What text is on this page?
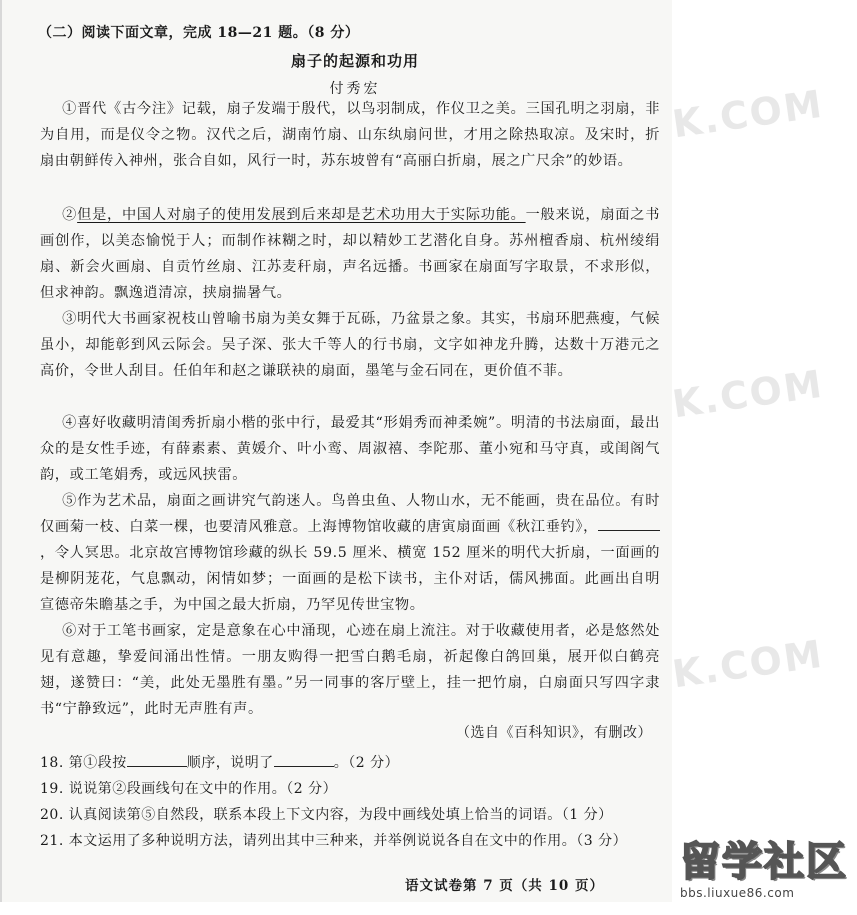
（二）阅读下面文章，完成 18—21 题。（8 分）
扇子的起源和功用
付秀宏
①晋代《古今注》记载，扇子发端于殷代，以鸟羽制成，作仪卫之美。三国孔明之羽扇，非为自用，而是仪令之物。汉代之后，湖南竹扇、山东纨扇问世，才用之除热取凉。及宋时，折扇由朝鲜传入神州，张合自如，风行一时，苏东坡曾有“高丽白折扇，展之广尺余”的妙语。
②但是，中国人对扇子的使用发展到后来却是艺术功用大于实际功能。一般来说，扇面之书画创作，以美态愉悦于人；而制作袜糊之时，却以精妙工艺潜化自身。苏州檀香扇、杭州绫绢扇、新会火画扇、自贡竹丝扇、江苏麦秆扇，声名远播。书画家在扇面写字取景，不求形似，但求神韵。飘逸逍清凉，挟扇揣暑气。
③明代大书画家祝枝山曾喻书扇为美女舞于瓦砾，乃盆景之象。其实，书扇环肥燕瘦，气候虽小，却能彰到风云际会。吴子深、张大千等人的行书扇，文字如神龙升腾，达数十万港元之高价，令世人刮目。任伯年和赵之谦联袂的扇面，墨笔与金石同在，更价值不菲。
④喜好收藏明清闺秀折扇小楷的张中行，最爱其“形娟秀而神柔婉”。明清的书法扇面，最出众的是女性手迹，有薛素素、黄媛介、叶小鸾、周淑禧、李陀那、董小宛和马守真，或闺阁气韵，或工笔娟秀，或远风挟雷。
⑤作为艺术品，扇面之画讲究气韵迷人。鸟兽虫鱼、人物山水，无不能画，贵在品位。有时仅画菊一枝、白菜一棵，也要清风雅意。上海博物馆收藏的唐寅扇面画《秋江垂钓》，，令人冥思。北京故宫博物馆珍藏的纵长 59.5 厘米、横宽 152 厘米的明代大折扇，一面画的是柳阴茏花，气息飘动，闲情如梦；一面画的是松下读书，主仆对话，儒风拂面。此画出自明宣德帝朱瞻基之手，为中国之最大折扇，乃罕见传世宝物。
⑥对于工笔书画家，定是意象在心中涌现，心迹在扇上流注。对于收藏使用者，必是悠然处见有意趣，挚爱间涌出性情。一朋友购得一把雪白鹅毛扇，祈起像白鸽回巢，展开似白鹤亮翅，遂赞曰：“美，此处无墨胜有墨。”另一同事的客厅壁上，挂一把竹扇，白扇面只写四字隶书“宁静致远”，此时无声胜有声。
（选自《百科知识》，有删改）
18. 第①段按	顺序，说明了	。（2 分）
19. 说说第②段画线句在文中的作用。（2 分）
20. 认真阅读第⑤自然段，联系本段上下文内容，为段中画线处填上恰当的词语。（1 分）
21. 本文运用了多种说明方法，请列出其中三种来，并举例说说各自在文中的作用。（3 分）
语文试卷第 7 页（共 10 页）
K.COM
K.COM
K.COM
留学社区
bbs.liuxue86.com
